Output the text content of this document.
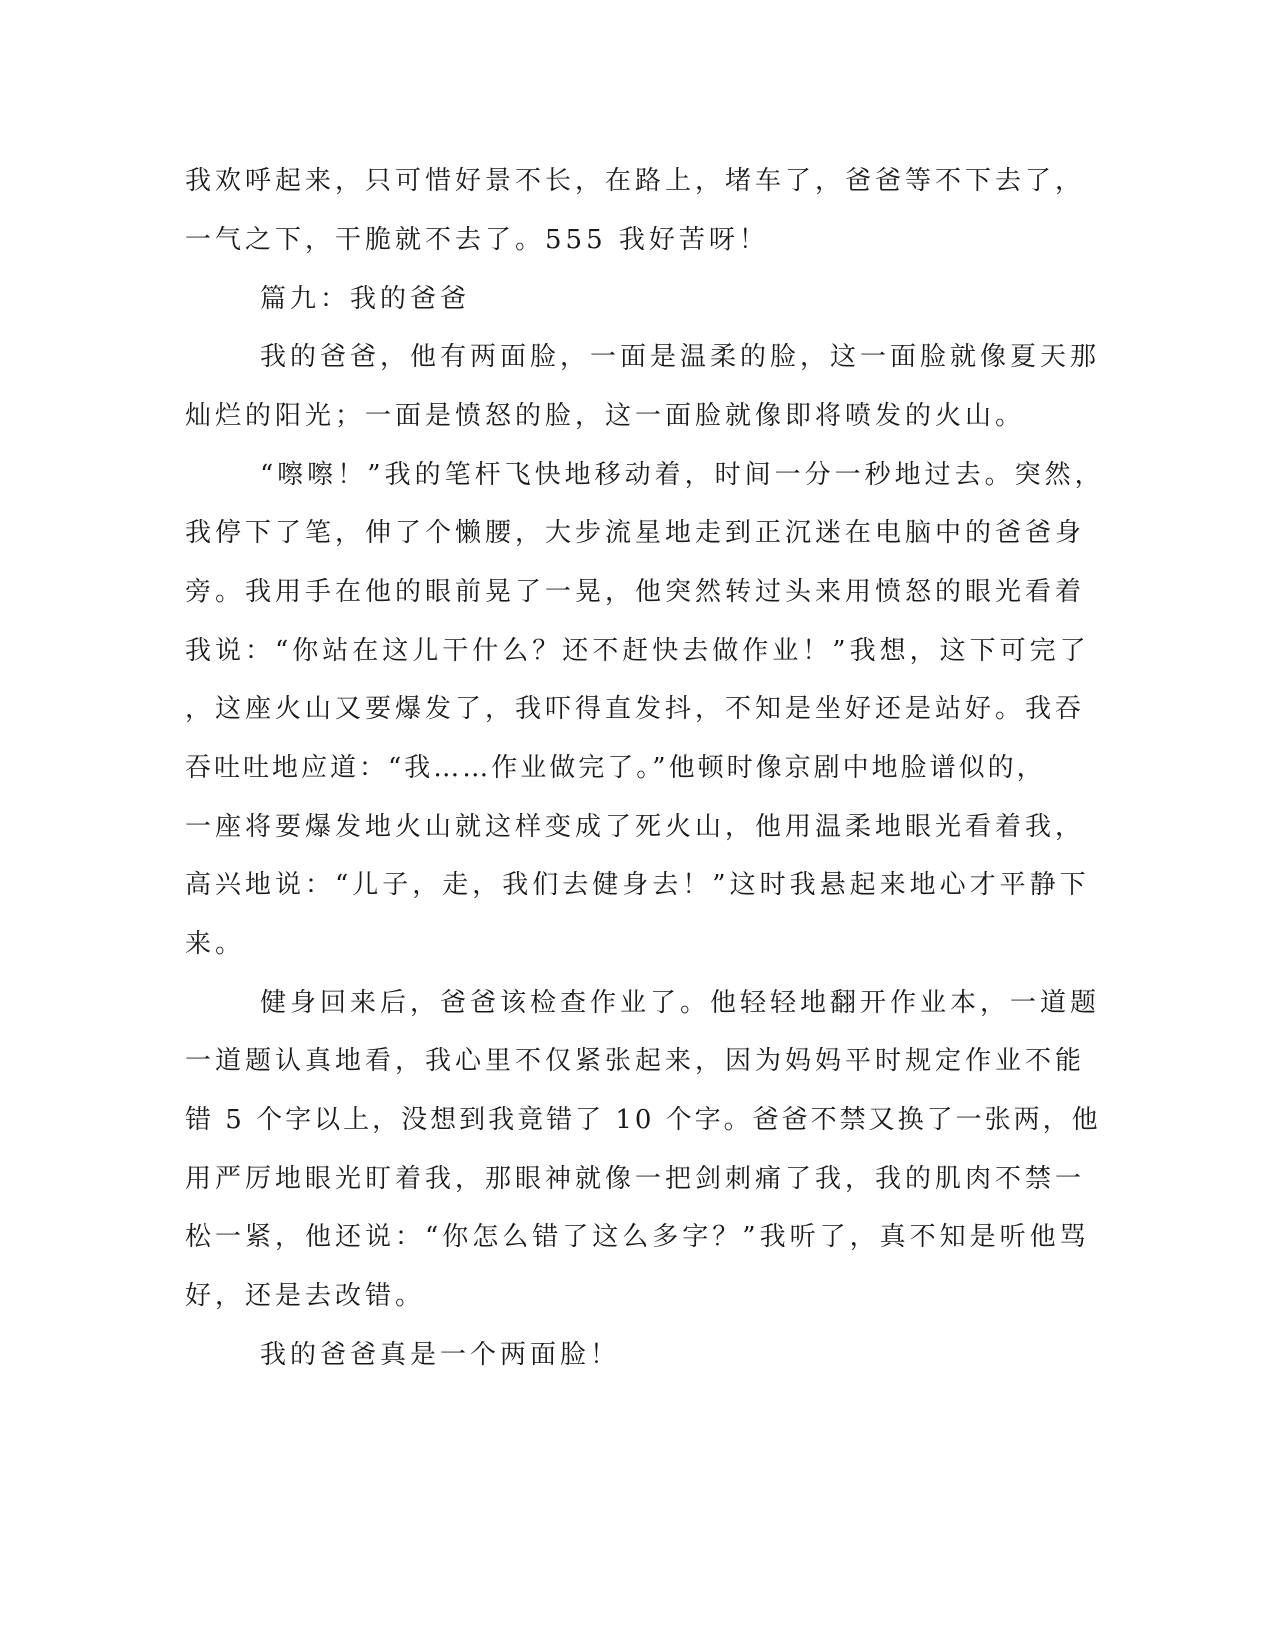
我欢呼起来，只可惜好景不长，在路上，堵车了，爸爸等不下去了，
一气之下，干脆就不去了。555 我好苦呀！
篇九：我的爸爸
我的爸爸，他有两面脸，一面是温柔的脸，这一面脸就像夏天那
灿烂的阳光；一面是愤怒的脸，这一面脸就像即将喷发的火山。
“嚓嚓！”我的笔杆飞快地移动着，时间一分一秒地过去。突然，
我停下了笔，伸了个懒腰，大步流星地走到正沉迷在电脑中的爸爸身
旁。我用手在他的眼前晃了一晃，他突然转过头来用愤怒的眼光看着
我说：“你站在这儿干什么？还不赶快去做作业！”我想，这下可完了
，这座火山又要爆发了，我吓得直发抖，不知是坐好还是站好。我吞
吞吐吐地应道：“我……作业做完了。”他顿时像京剧中地脸谱似的，
一座将要爆发地火山就这样变成了死火山，他用温柔地眼光看着我，
高兴地说：“儿子，走，我们去健身去！”这时我悬起来地心才平静下
来。
健身回来后，爸爸该检查作业了。他轻轻地翻开作业本，一道题
一道题认真地看，我心里不仅紧张起来，因为妈妈平时规定作业不能
错 5 个字以上，没想到我竟错了 10 个字。爸爸不禁又换了一张两，他
用严厉地眼光盯着我，那眼神就像一把剑刺痛了我，我的肌肉不禁一
松一紧，他还说：“你怎么错了这么多字？”我听了，真不知是听他骂
好，还是去改错。
我的爸爸真是一个两面脸！
